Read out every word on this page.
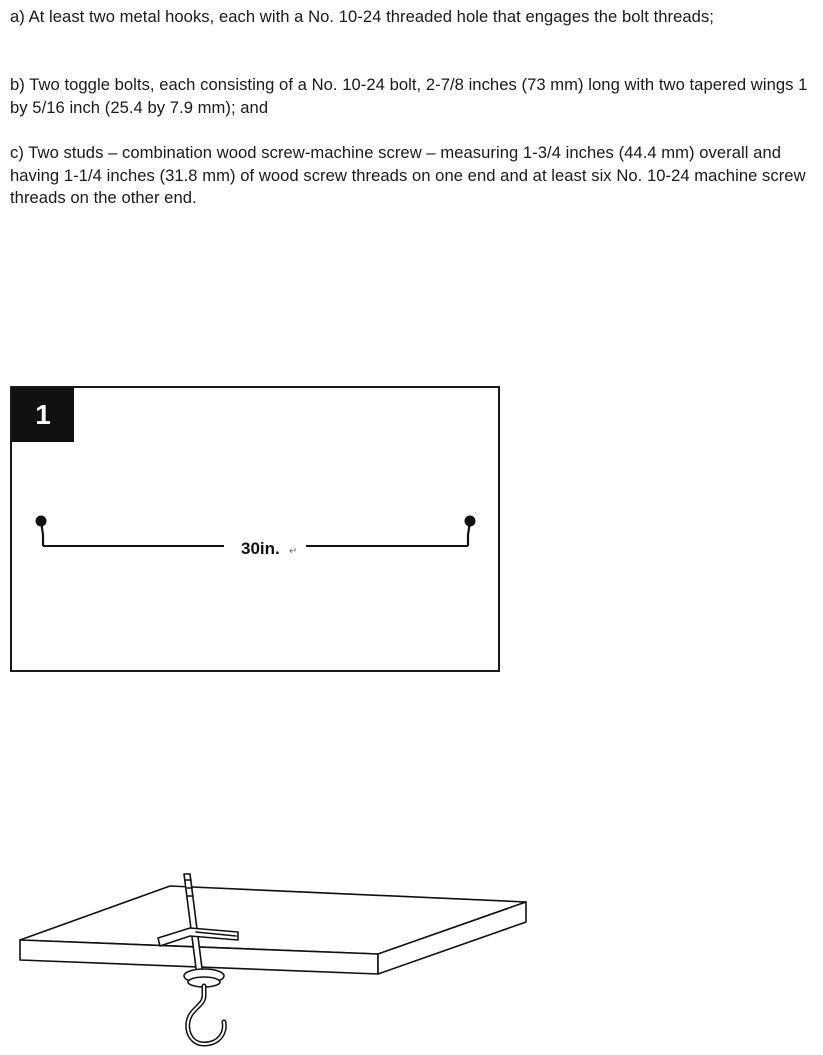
a) At least two metal hooks, each with a No. 10-24 threaded hole that engages the bolt threads;

b) Two toggle bolts, each consisting of a No. 10-24 bolt, 2-7/8 inches (73 mm) long with two tapered wings 1 by 5/16 inch (25.4 by 7.9 mm); and

c) Two studs – combination wood screw-machine screw – measuring 1-3/4 inches (44.4 mm) overall and having 1-1/4 inches (31.8 mm) of wood screw threads on one end and at least six No. 10-24 machine screw threads on the other end.

30in. ↵
1
